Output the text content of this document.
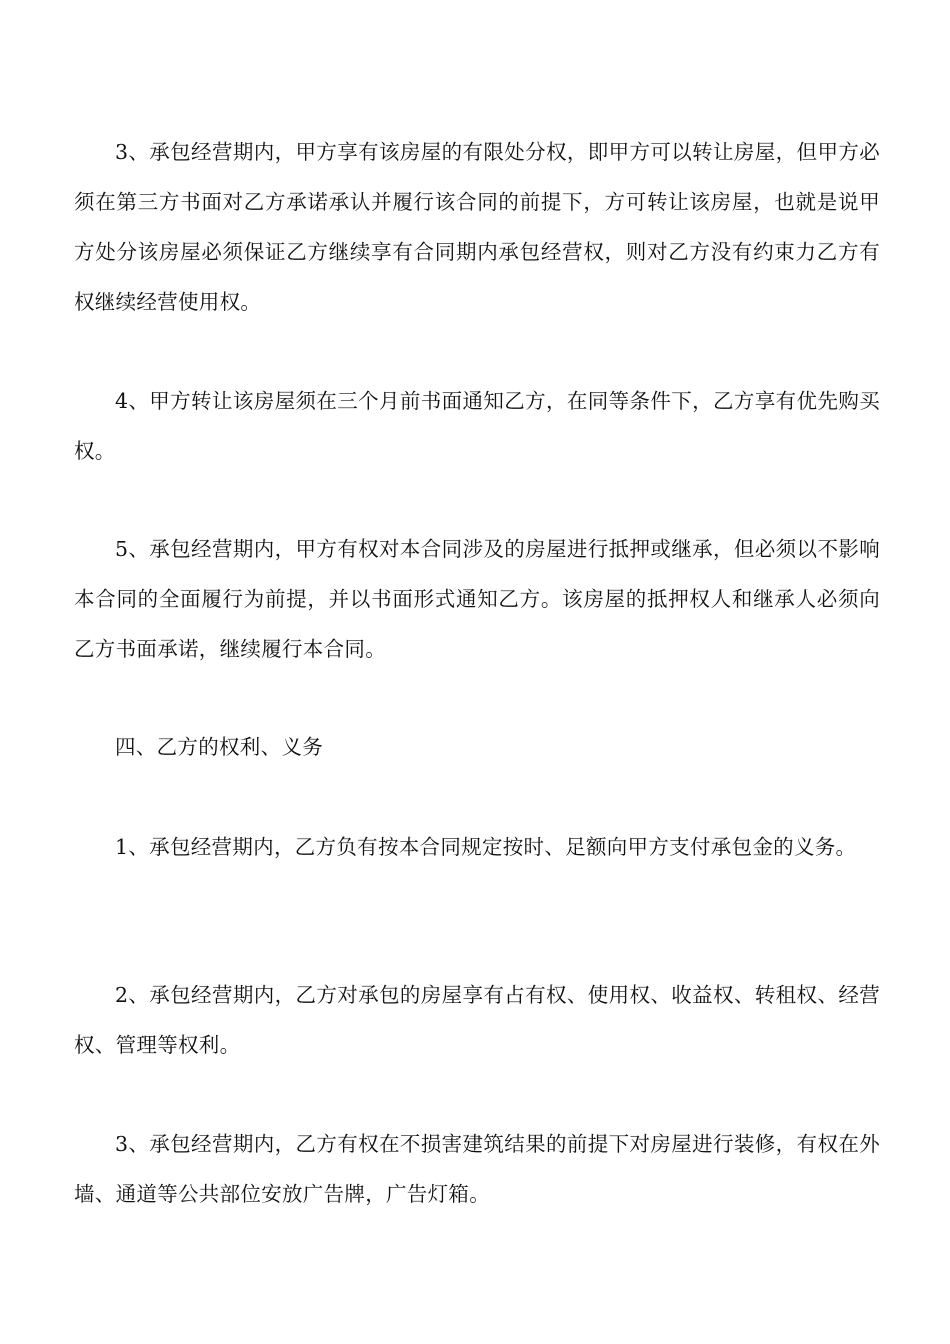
3、承包经营期内，甲方享有该房屋的有限处分权，即甲方可以转让房屋，但甲方必须在第三方书面对乙方承诺承认并履行该合同的前提下，方可转让该房屋，也就是说甲方处分该房屋必须保证乙方继续享有合同期内承包经营权，则对乙方没有约束力乙方有权继续经营使用权。

4、甲方转让该房屋须在三个月前书面通知乙方，在同等条件下，乙方享有优先购买权。

5、承包经营期内，甲方有权对本合同涉及的房屋进行抵押或继承，但必须以不影响本合同的全面履行为前提，并以书面形式通知乙方。该房屋的抵押权人和继承人必须向乙方书面承诺，继续履行本合同。

四、乙方的权利、义务

1、承包经营期内，乙方负有按本合同规定按时、足额向甲方支付承包金的义务。

2、承包经营期内，乙方对承包的房屋享有占有权、使用权、收益权、转租权、经营权、管理等权利。

3、承包经营期内，乙方有权在不损害建筑结果的前提下对房屋进行装修，有权在外墙、通道等公共部位安放广告牌，广告灯箱。
